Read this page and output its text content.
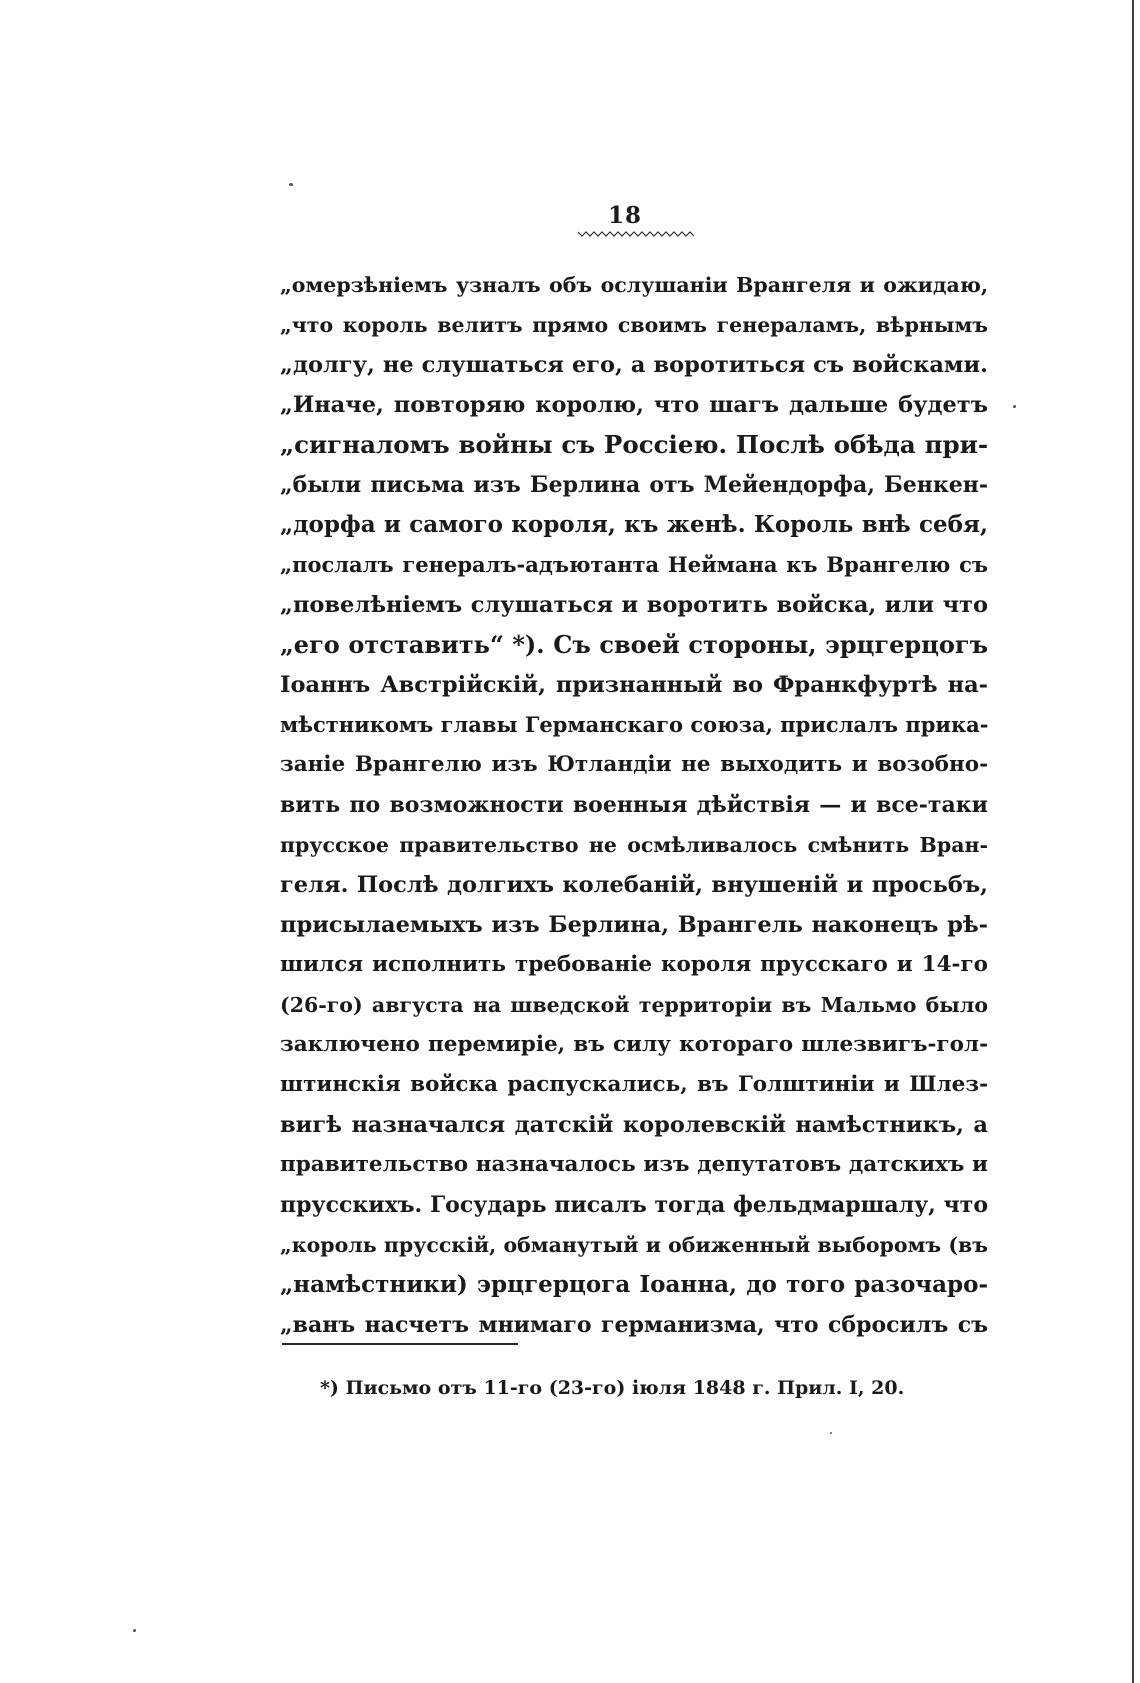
18
„омерзѣніемъ узналъ объ ослушаніи Врангеля и ожидаю,
„что король велитъ прямо своимъ генераламъ, вѣрнымъ
„долгу, не слушаться его, а воротиться съ войсками.
„Иначе, повторяю королю, что шагъ дальше будетъ
„сигналомъ войны съ Россіею. Послѣ обѣда при-
„были письма изъ Берлина отъ Мейендорфа, Бенкен-
„дорфа и самого короля, къ женѣ. Король внѣ себя,
„послалъ генералъ-адъютанта Неймана къ Врангелю съ
„повелѣніемъ слушаться и воротить войска, или что
„его отставить“ *). Съ своей стороны, эрцгерцогъ
Іоаннъ Австрійскій, признанный во Франкфуртѣ на-
мѣстникомъ главы Германскаго союза, прислалъ прика-
заніе Врангелю изъ Ютландіи не выходить и возобно-
вить по возможности военныя дѣйствія — и все-таки
прусское правительство не осмѣливалось смѣнить Вран-
геля. Послѣ долгихъ колебаній, внушеній и просьбъ,
присылаемыхъ изъ Берлина, Врангель наконецъ рѣ-
шился исполнить требованіе короля прусскаго и 14-го
(26-го) августа на шведской территоріи въ Мальмо было
заключено перемиріе, въ силу котораго шлезвигъ-гол-
штинскія войска распускались, въ Голштиніи и Шлез-
вигѣ назначался датскій королевскій намѣстникъ, а
правительство назначалось изъ депутатовъ датскихъ и
прусскихъ. Государь писалъ тогда фельдмаршалу, что
„король прусскій, обманутый и обиженный выборомъ (въ
„намѣстники) эрцгерцога Іоанна, до того разочаро-
„ванъ насчетъ мнимаго германизма, что сбросилъ съ
*) Письмо отъ 11-го (23-го) іюля 1848 г. Прил. I, 20.
